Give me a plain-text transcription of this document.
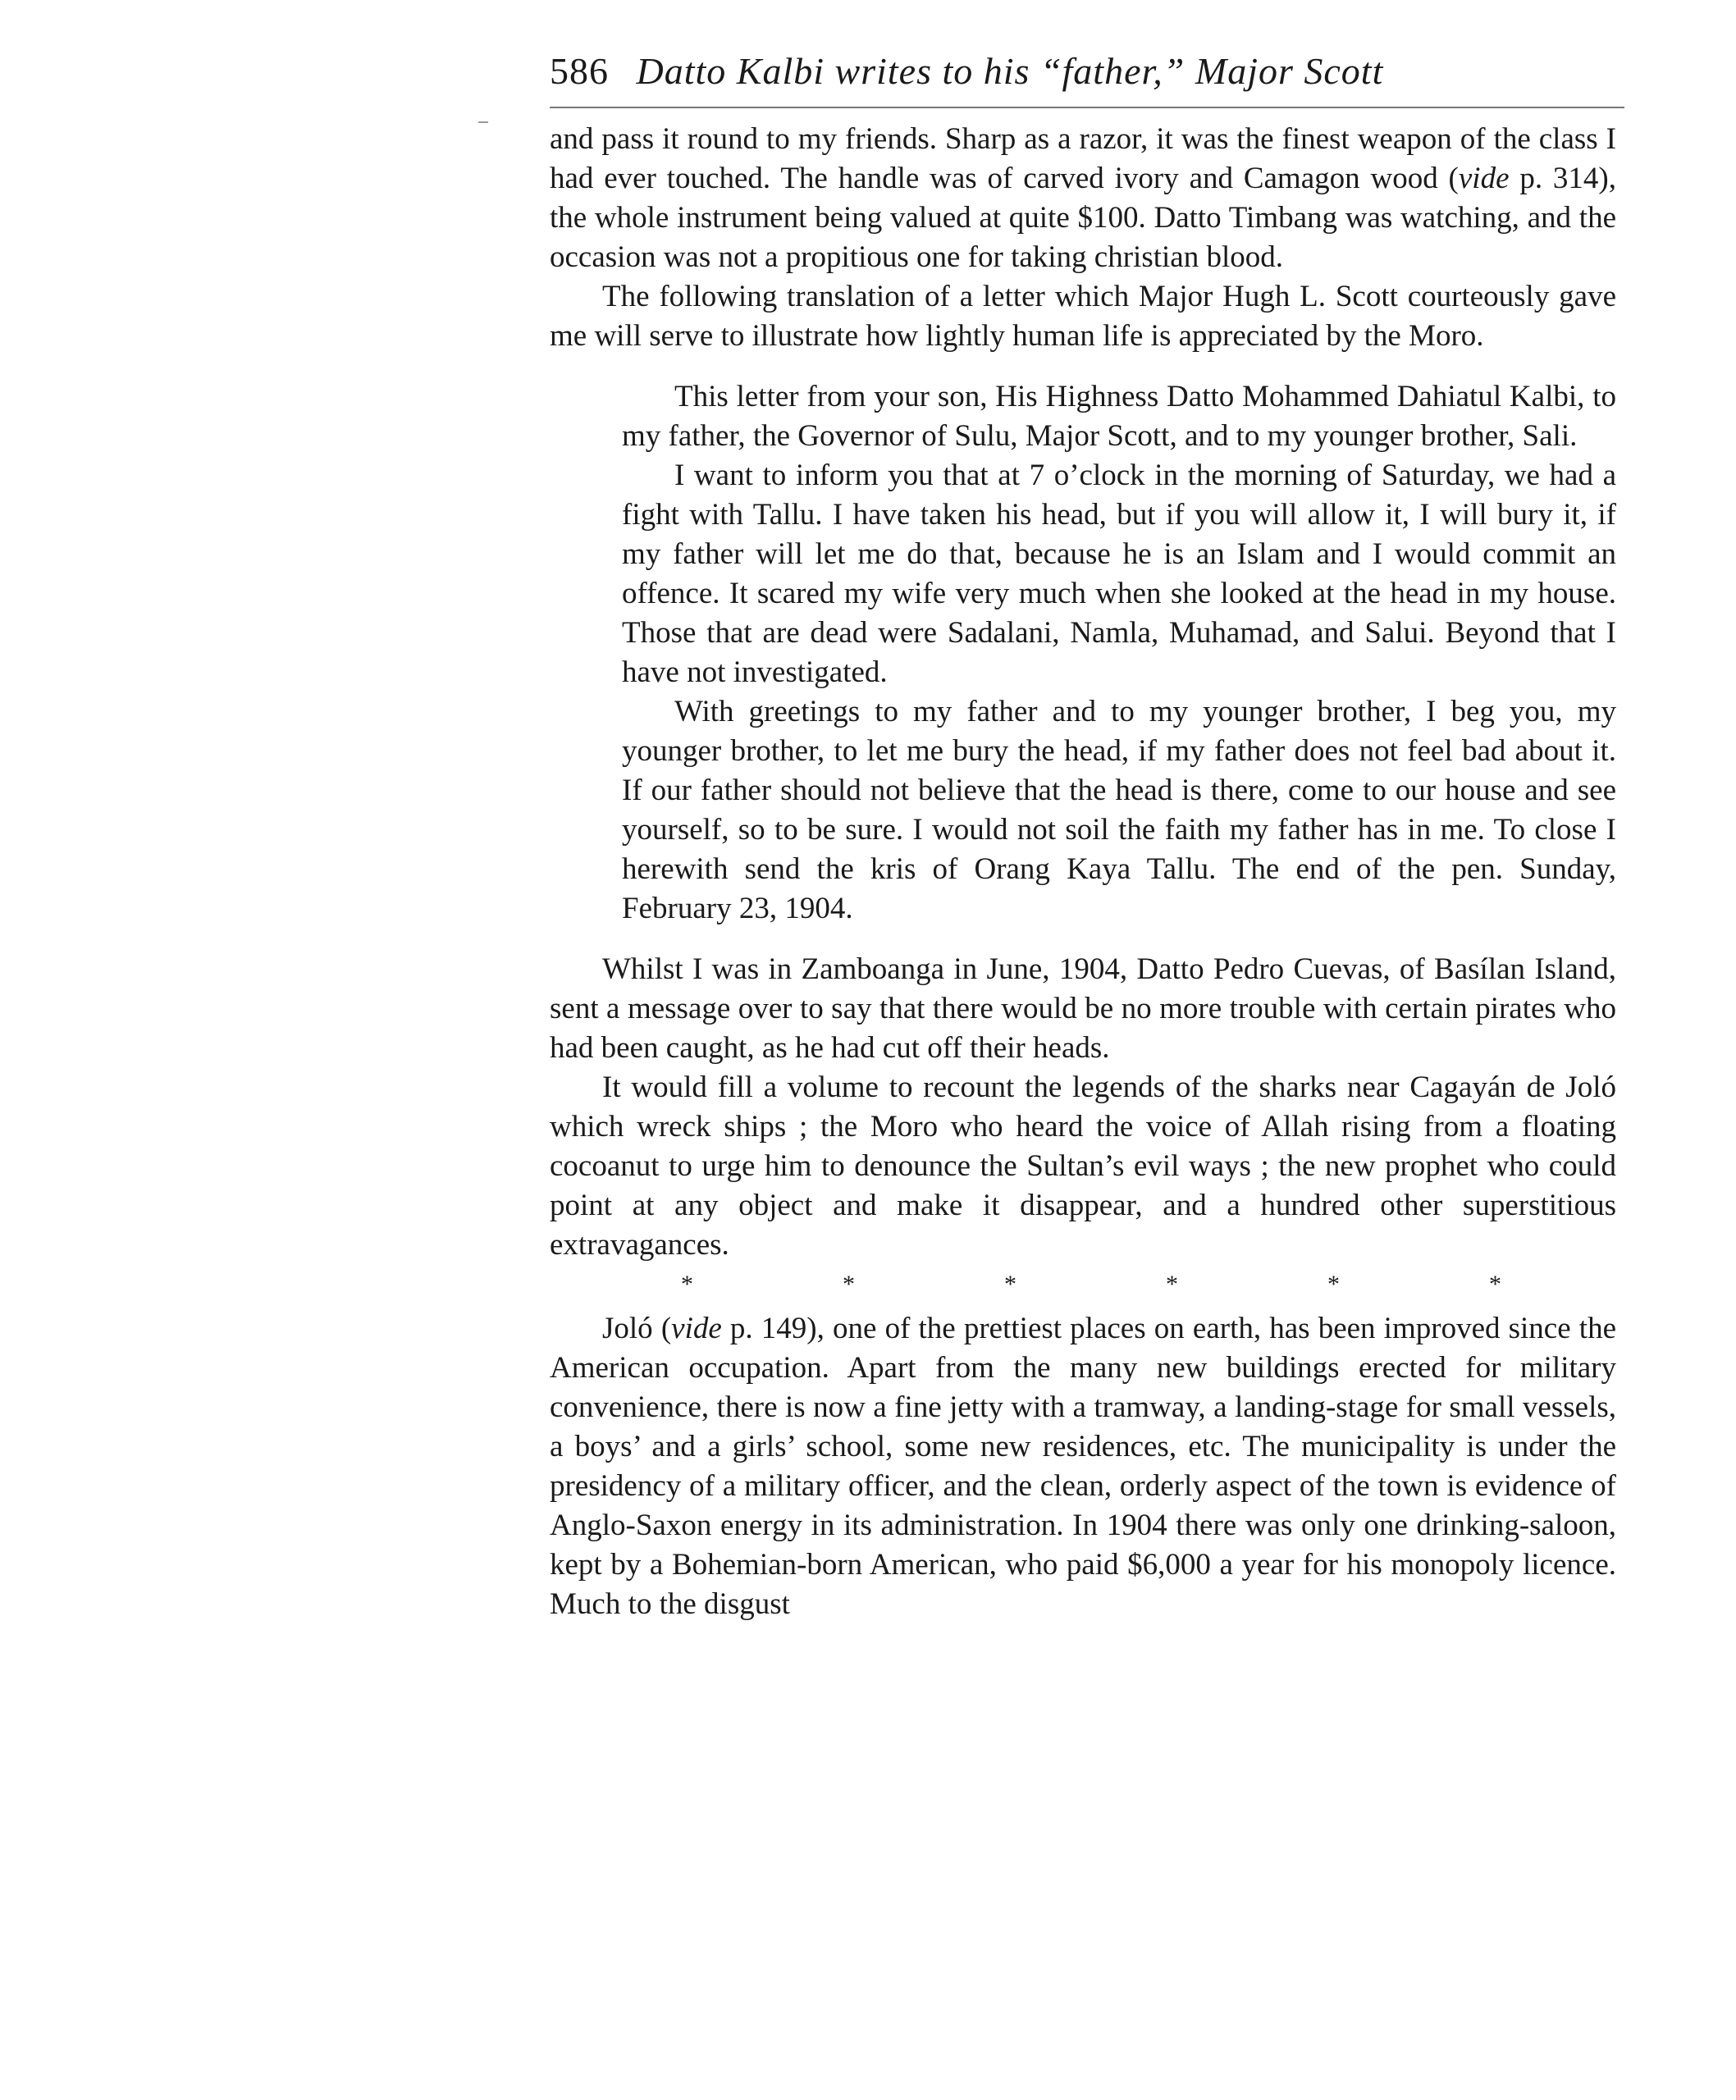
586 Datto Kalbi writes to his “father,” Major Scott

and pass it round to my friends. Sharp as a razor, it was the finest weapon of the class I had ever touched. The handle was of carved ivory and Camagon wood (vide p. 314), the whole instrument being valued at quite $100. Datto Timbang was watching, and the occasion was not a propitious one for taking christian blood.

The following translation of a letter which Major Hugh L. Scott courteously gave me will serve to illustrate how lightly human life is appreciated by the Moro.

This letter from your son, His Highness Datto Mohammed Dahiatul Kalbi, to my father, the Governor of Sulu, Major Scott, and to my younger brother, Sali.

I want to inform you that at 7 o’clock in the morning of Saturday, we had a fight with Tallu. I have taken his head, but if you will allow it, I will bury it, if my father will let me do that, because he is an Islam and I would commit an offence. It scared my wife very much when she looked at the head in my house. Those that are dead were Sadalani, Namla, Muhamad, and Salui. Beyond that I have not investigated.

With greetings to my father and to my younger brother, I beg you, my younger brother, to let me bury the head, if my father does not feel bad about it. If our father should not believe that the head is there, come to our house and see yourself, so to be sure. I would not soil the faith my father has in me. To close I herewith send the kris of Orang Kaya Tallu. The end of the pen. Sunday, February 23, 1904.

Whilst I was in Zamboanga in June, 1904, Datto Pedro Cuevas, of Basílan Island, sent a message over to say that there would be no more trouble with certain pirates who had been caught, as he had cut off their heads.

It would fill a volume to recount the legends of the sharks near Cagayán de Joló which wreck ships ; the Moro who heard the voice of Allah rising from a floating cocoanut to urge him to denounce the Sultan’s evil ways ; the new prophet who could point at any object and make it disappear, and a hundred other superstitious extravagances.

*	*	*	*	*	*

Joló (vide p. 149), one of the prettiest places on earth, has been improved since the American occupation. Apart from the many new buildings erected for military convenience, there is now a fine jetty with a tramway, a landing-stage for small vessels, a boys’ and a girls’ school, some new residences, etc. The municipality is under the presidency of a military officer, and the clean, orderly aspect of the town is evidence of Anglo-Saxon energy in its administration. In 1904 there was only one drinking-saloon, kept by a Bohemian-born American, who paid $6,000 a year for his monopoly licence. Much to the disgust
